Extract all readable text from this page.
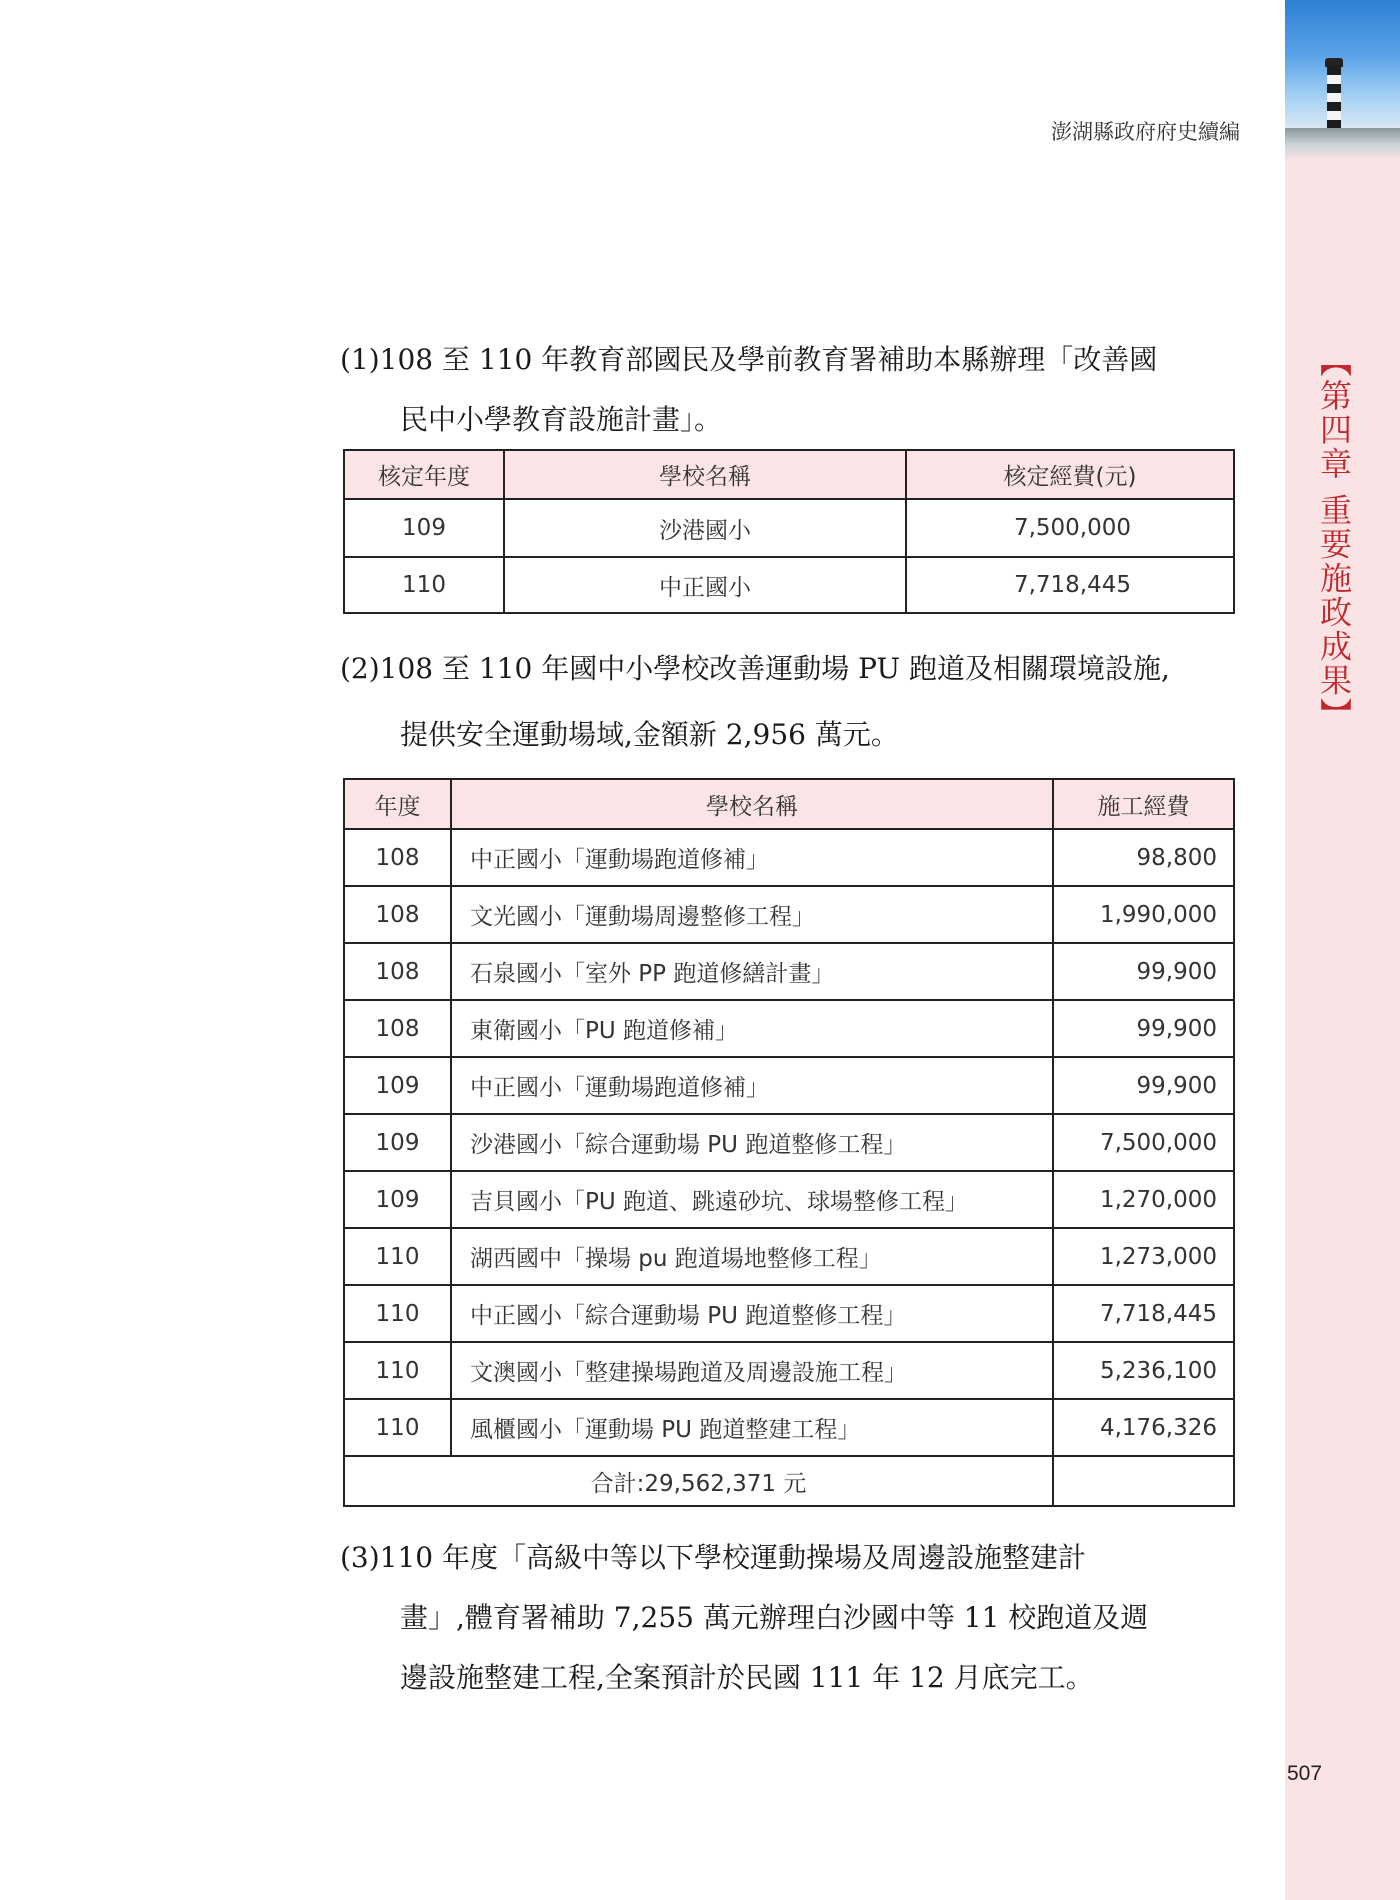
【第四章 重要施政成果】
507
澎湖縣政府府史續編
(1)108 至 110 年教育部國民及學前教育署補助本縣辦理「改善國
民中小學教育設施計畫」。
核定年度	學校名稱	核定經費(元)
109	沙港國小	7,500,000
110	中正國小	7,718,445
(2)108 至 110 年國中小學校改善運動場 PU 跑道及相關環境設施,
提供安全運動場域,金額新 2,956 萬元。
年度	學校名稱	施工經費
108	中正國小「運動場跑道修補」	98,800
108	文光國小「運動場周邊整修工程」	1,990,000
108	石泉國小「室外 PP 跑道修繕計畫」	99,900
108	東衛國小「PU 跑道修補」	99,900
109	中正國小「運動場跑道修補」	99,900
109	沙港國小「綜合運動場 PU 跑道整修工程」	7,500,000
109	吉貝國小「PU 跑道、跳遠砂坑、球場整修工程」	1,270,000
110	湖西國中「操場 pu 跑道場地整修工程」	1,273,000
110	中正國小「綜合運動場 PU 跑道整修工程」	7,718,445
110	文澳國小「整建操場跑道及周邊設施工程」	5,236,100
110	風櫃國小「運動場 PU 跑道整建工程」	4,176,326
合計:29,562,371 元		
(3)110 年度「高級中等以下學校運動操場及周邊設施整建計
畫」,體育署補助 7,255 萬元辦理白沙國中等 11 校跑道及週
邊設施整建工程,全案預計於民國 111 年 12 月底完工。
